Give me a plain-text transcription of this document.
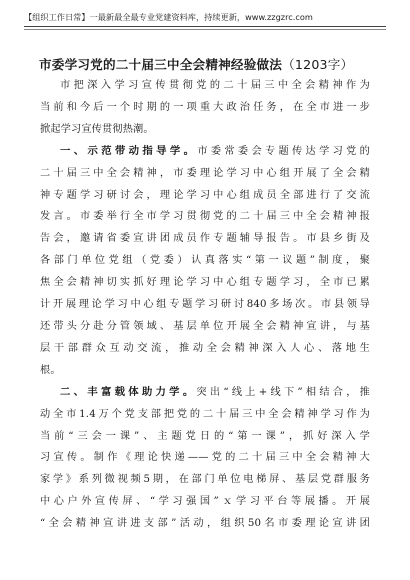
【组织工作日常】一最新最全最专业党建资料库，持续更新，www.zzgzrc.com
市委学习党的二十届三中全会精神经验做法（1203字）

市把深入学习宣传贯彻党的二十届三中全会精神作为
当前和今后一个时期的一项重大政治任务，在全市进一步
掀起学习宣传贯彻热潮。

一、示范带动指导学。市委常委会专题传达学习党的
二十届三中全会精神，市委理论学习中心组开展了全会精
神专题学习研讨会，理论学习中心组成员全部进行了交流
发言。市委举行全市学习贯彻党的二十届三中全会精神报
告会，邀请省委宣讲团成员作专题辅导报告。市县乡街及
各部门单位党组（党委）认真落实“第一议题”制度，聚
焦全会精神切实抓好理论学习中心组专题学习，全市已累
计开展理论学习中心组专题学习研讨840多场次。市县领导
还带头分赴分管领域、基层单位开展全会精神宣讲，与基
层干部群众互动交流，推动全会精神深入人心、落地生
根。

二、丰富载体助力学。突出“线上+线下”相结合，推
动全市1.4万个党支部把党的二十届三中全会精神学习作为
当前“三会一课”、主题党日的“第一课”，抓好深入学
习宣传。制作《理论快递——党的二十届三中全会精神大
家学》系列微视频5期，在部门单位电梯屏、基层党群服务
中心户外宣传屏、“学习强国”ｘ学习平台等展播。开展
“全会精神宣讲进支部”活动，组织50名市委理论宣讲团
